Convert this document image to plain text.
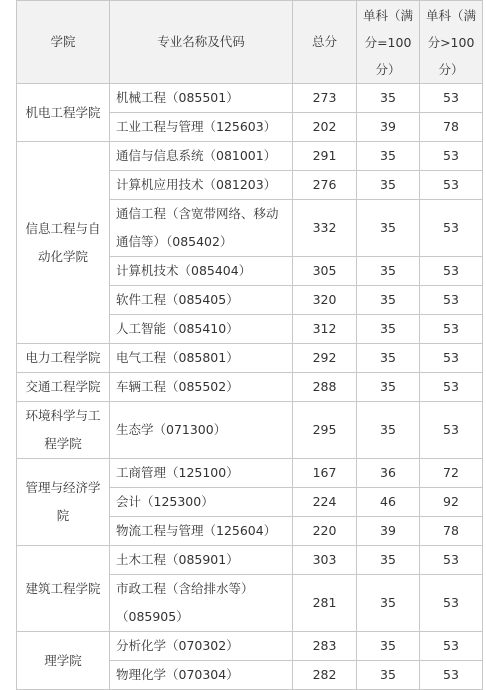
学院	专业名称及代码	总分	单科（满分=100分）	单科（满分>100分）
机电工程学院	机械工程（085501）	273	35	53
	工业工程与管理（125603）	202	39	78
信息工程与自动化学院	通信与信息系统（081001）	291	35	53
	计算机应用技术（081203）	276	35	53
	通信工程（含宽带网络、移动通信等）（085402）	332	35	53
	计算机技术（085404）	305	35	53
	软件工程（085405）	320	35	53
	人工智能（085410）	312	35	53
电力工程学院	电气工程（085801）	292	35	53
交通工程学院	车辆工程（085502）	288	35	53
环境科学与工程学院	生态学（071300）	295	35	53
管理与经济学院	工商管理（125100）	167	36	72
	会计（125300）	224	46	92
	物流工程与管理（125604）	220	39	78
建筑工程学院	土木工程（085901）	303	35	53
	市政工程（含给排水等）（085905）	281	35	53
理学院	分析化学（070302）	283	35	53
	物理化学（070304）	282	35	53
